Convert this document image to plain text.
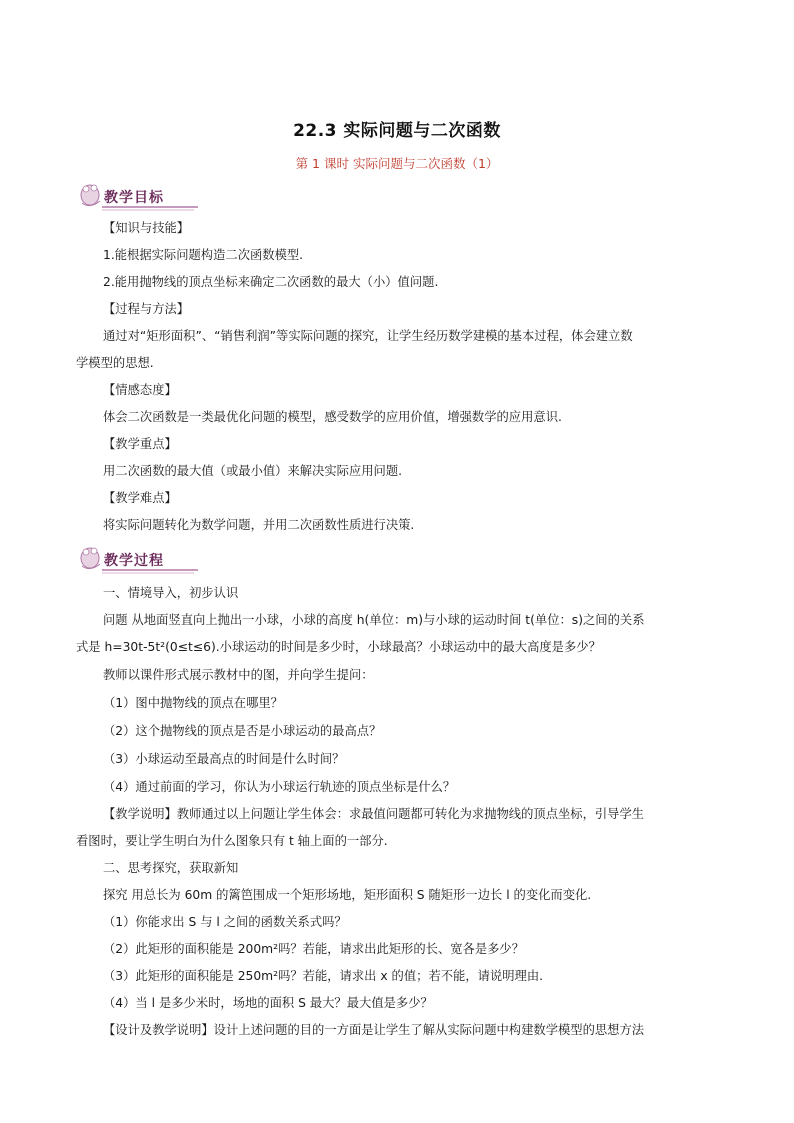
22.3 实际问题与二次函数
第 1 课时 实际问题与二次函数（1）
教学目标
【知识与技能】
1.能根据实际问题构造二次函数模型.
2.能用抛物线的顶点坐标来确定二次函数的最大（小）值问题.
【过程与方法】
通过对“矩形面积”、“销售利润”等实际问题的探究，让学生经历数学建模的基本过程，体会建立数
学模型的思想.
【情感态度】
体会二次函数是一类最优化问题的模型，感受数学的应用价值，增强数学的应用意识.
【教学重点】
用二次函数的最大值（或最小值）来解决实际应用问题.
【教学难点】
将实际问题转化为数学问题，并用二次函数性质进行决策.
教学过程
一、情境导入，初步认识
问题 从地面竖直向上抛出一小球，小球的高度 h(单位：m)与小球的运动时间 t(单位：s)之间的关系
式是 h=30t-5t²(0≤t≤6).小球运动的时间是多少时，小球最高？小球运动中的最大高度是多少？
教师以课件形式展示教材中的图，并向学生提问：
（1）图中抛物线的顶点在哪里？
（2）这个抛物线的顶点是否是小球运动的最高点？
（3）小球运动至最高点的时间是什么时间？
（4）通过前面的学习，你认为小球运行轨迹的顶点坐标是什么？
【教学说明】教师通过以上问题让学生体会：求最值问题都可转化为求抛物线的顶点坐标，引导学生
看图时，要让学生明白为什么图象只有 t 轴上面的一部分.
二、思考探究，获取新知
探究 用总长为 60m 的篱笆围成一个矩形场地，矩形面积 S 随矩形一边长 l 的变化而变化.
（1）你能求出 S 与 l 之间的函数关系式吗？
（2）此矩形的面积能是 200m²吗？若能，请求出此矩形的长、宽各是多少？
（3）此矩形的面积能是 250m²吗？若能，请求出 x 的值；若不能，请说明理由.
（4）当 l 是多少米时，场地的面积 S 最大？最大值是多少？
【设计及教学说明】设计上述问题的目的一方面是让学生了解从实际问题中构建数学模型的思想方法
